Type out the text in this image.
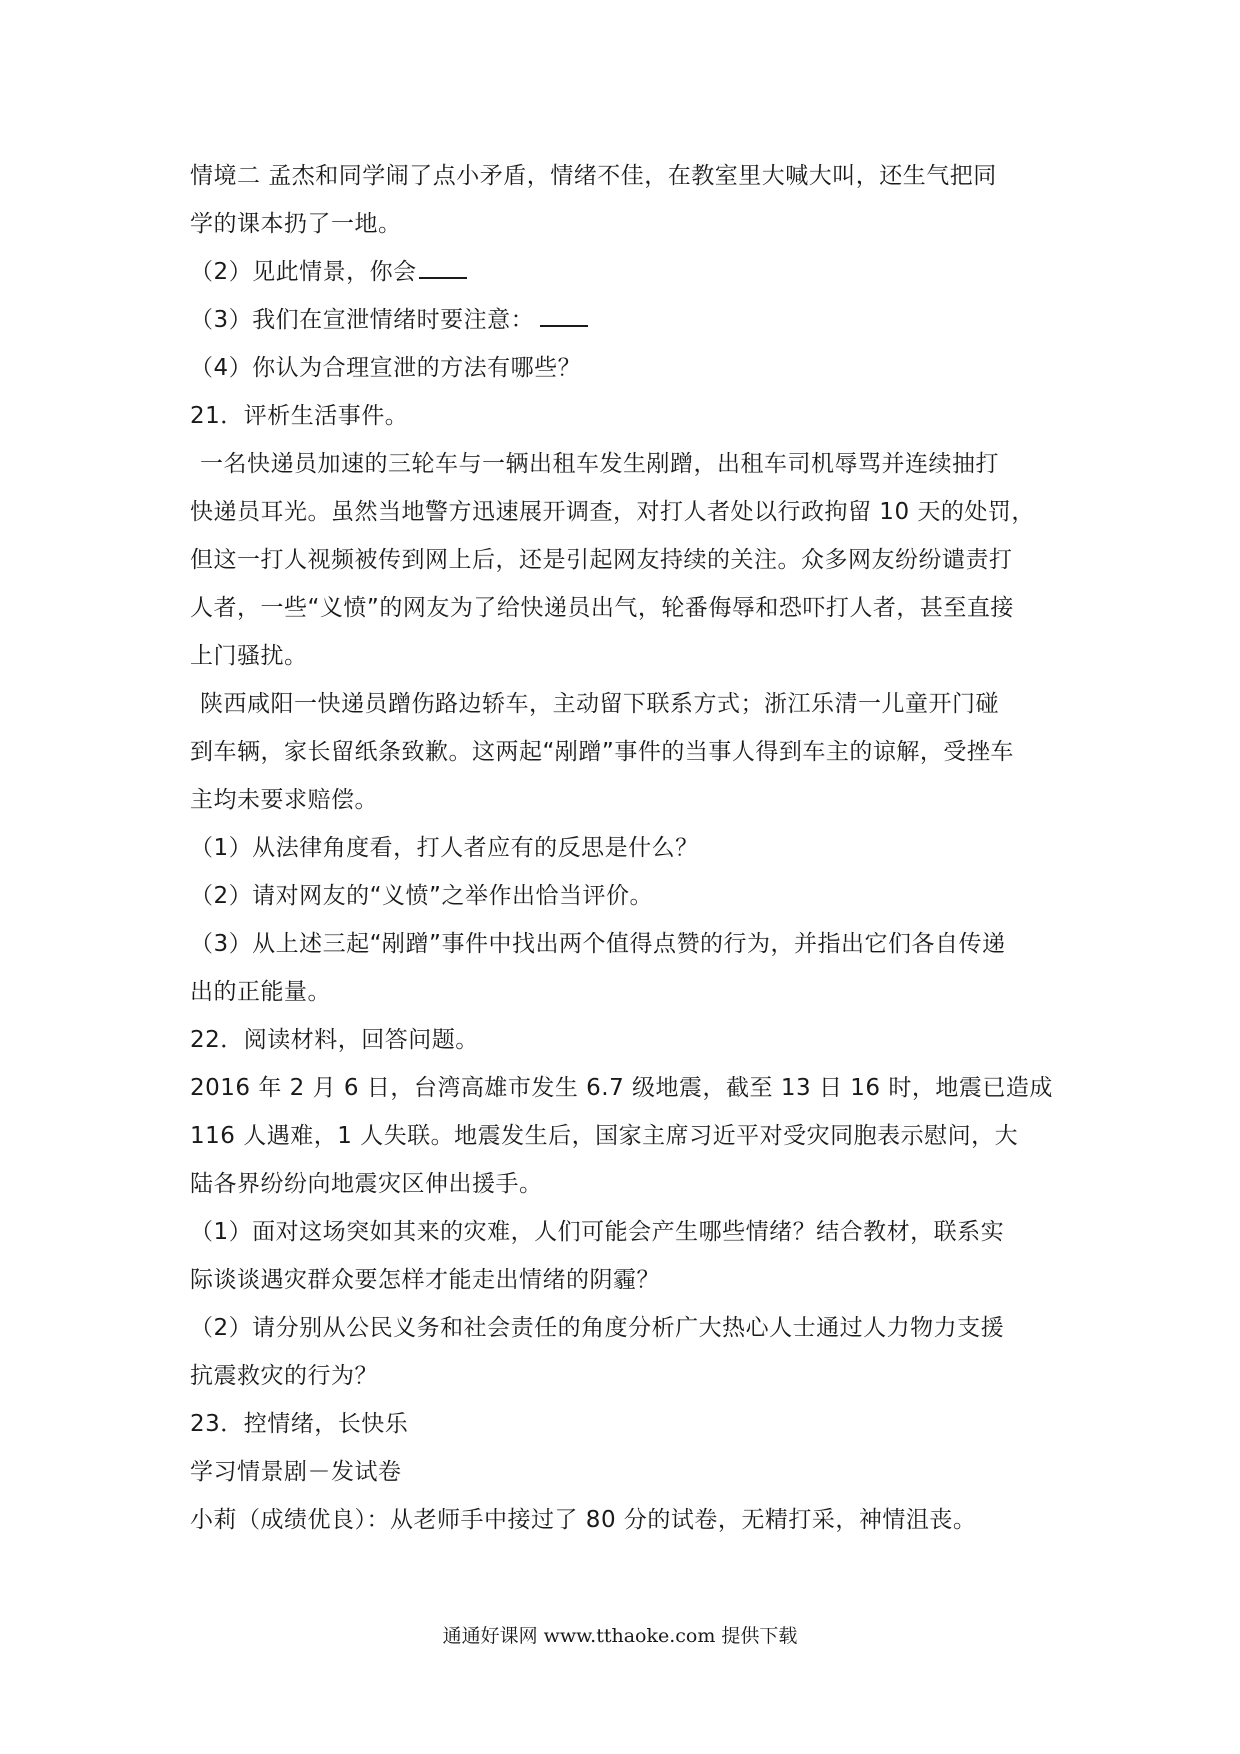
情境二 孟杰和同学闹了点小矛盾，情绪不佳，在教室里大喊大叫，还生气把同
学的课本扔了一地。
（2）见此情景，你会
（3）我们在宣泄情绪时要注意：
（4）你认为合理宣泄的方法有哪些？
21．评析生活事件。
一名快递员加速的三轮车与一辆出租车发生剐蹭，出租车司机辱骂并连续抽打
快递员耳光。虽然当地警方迅速展开调查，对打人者处以行政拘留 10 天的处罚，
但这一打人视频被传到网上后，还是引起网友持续的关注。众多网友纷纷谴责打
人者，一些“义愤”的网友为了给快递员出气，轮番侮辱和恐吓打人者，甚至直接
上门骚扰。
陕西咸阳一快递员蹭伤路边轿车，主动留下联系方式；浙江乐清一儿童开门碰
到车辆，家长留纸条致歉。这两起“剐蹭”事件的当事人得到车主的谅解，受挫车
主均未要求赔偿。
（1）从法律角度看，打人者应有的反思是什么？
（2）请对网友的“义愤”之举作出恰当评价。
（3）从上述三起“剐蹭”事件中找出两个值得点赞的行为，并指出它们各自传递
出的正能量。
22．阅读材料，回答问题。
2016 年 2 月 6 日，台湾高雄市发生 6.7 级地震，截至 13 日 16 时，地震已造成
116 人遇难，1 人失联。地震发生后，国家主席习近平对受灾同胞表示慰问，大
陆各界纷纷向地震灾区伸出援手。
（1）面对这场突如其来的灾难，人们可能会产生哪些情绪？结合教材，联系实
际谈谈遇灾群众要怎样才能走出情绪的阴霾？
（2）请分别从公民义务和社会责任的角度分析广大热心人士通过人力物力支援
抗震救灾的行为？
23．控情绪，长快乐
学习情景剧－发试卷
小莉（成绩优良）：从老师手中接过了 80 分的试卷，无精打采，神情沮丧。
通通好课网 www.tthaoke.com 提供下载
